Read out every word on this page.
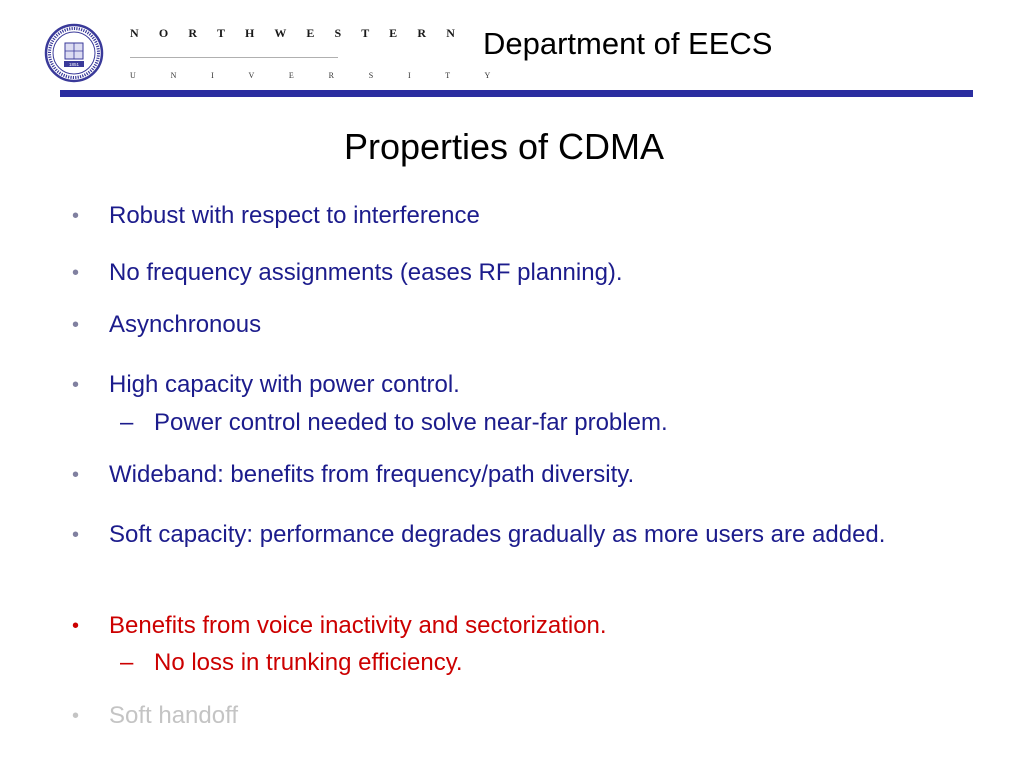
1851
N O R T H W E S T E R N
U N I V E R S I T Y
Department of EECS
Properties of CDMA
• Robust with respect to interference
• No frequency assignments (eases RF planning).
• Asynchronous
• High capacity with power control.
– Power control needed to solve near-far problem.
• Wideband: benefits from frequency/path diversity.
• Soft capacity: performance degrades gradually as more users are added.
• Benefits from voice inactivity and sectorization.
– No loss in trunking efficiency.
• Soft handoff
